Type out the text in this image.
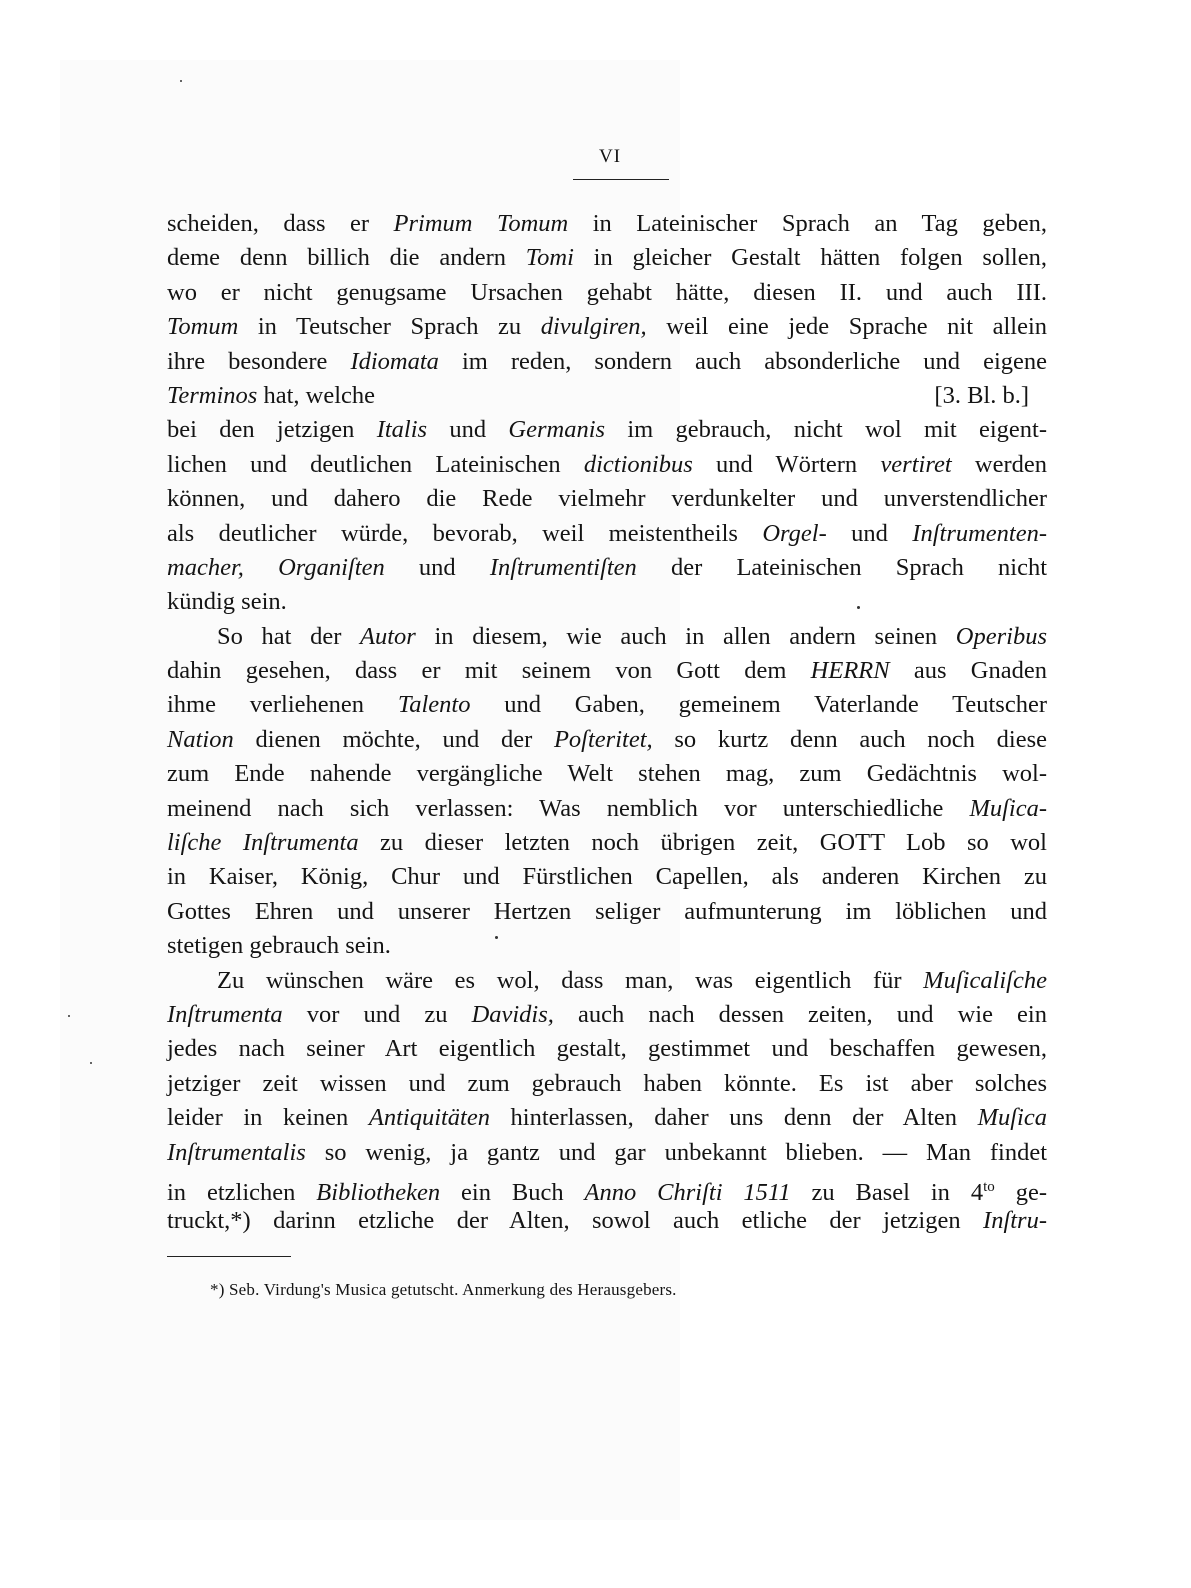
VI
scheiden, dass er Primum Tomum in Lateinischer Sprach an Tag geben,
deme denn billich die andern Tomi in gleicher Gestalt hätten folgen sollen,
wo er nicht genugsame Ursachen gehabt hätte, diesen II. und auch III.
Tomum in Teutscher Sprach zu divulgiren, weil eine jede Sprache nit allein
ihre besondere Idiomata im reden, sondern auch absonderliche und eigene
Terminos hat, welche	[3. Bl. b.]
bei den jetzigen Italis und Germanis im gebrauch, nicht wol mit eigent-
lichen und deutlichen Lateinischen dictionibus und Wörtern vertiret werden
können, und dahero die Rede vielmehr verdunkelter und unverstendlicher
als deutlicher würde, bevorab, weil meistentheils Orgel- und Inſtrumenten-
macher, Organiſten und Inſtrumentiſten der Lateinischen Sprach nicht
kündig sein.
So hat der Autor in diesem, wie auch in allen andern seinen Operibus
dahin gesehen, dass er mit seinem von Gott dem HERRN aus Gnaden
ihme verliehenen Talento und Gaben, gemeinem Vaterlande Teutscher
Nation dienen möchte, und der Poſteritet, so kurtz denn auch noch diese
zum Ende nahende vergängliche Welt stehen mag, zum Gedächtnis wol-
meinend nach sich verlassen: Was nemblich vor unterschiedliche Muſica-
liſche Inſtrumenta zu dieser letzten noch übrigen zeit, GOTT Lob so wol
in Kaiser, König, Chur und Fürstlichen Capellen, als anderen Kirchen zu
Gottes Ehren und unserer Hertzen seliger aufmunterung im löblichen und
stetigen gebrauch sein.
Zu wünschen wäre es wol, dass man, was eigentlich für Muſicaliſche
Inſtrumenta vor und zu Davidis, auch nach dessen zeiten, und wie ein
jedes nach seiner Art eigentlich gestalt, gestimmet und beschaffen gewesen,
jetziger zeit wissen und zum gebrauch haben könnte. Es ist aber solches
leider in keinen Antiquitäten hinterlassen, daher uns denn der Alten Muſica
Inſtrumentalis so wenig, ja gantz und gar unbekannt blieben. — Man findet
in etzlichen Bibliotheken ein Buch Anno Chriſti 1511 zu Basel in $4^{to}$ ge-
truckt,*) darinn etzliche der Alten, sowol auch etliche der jetzigen Inſtru-
*) Seb. Virdung's Musica getutscht. Anmerkung des Herausgebers.
